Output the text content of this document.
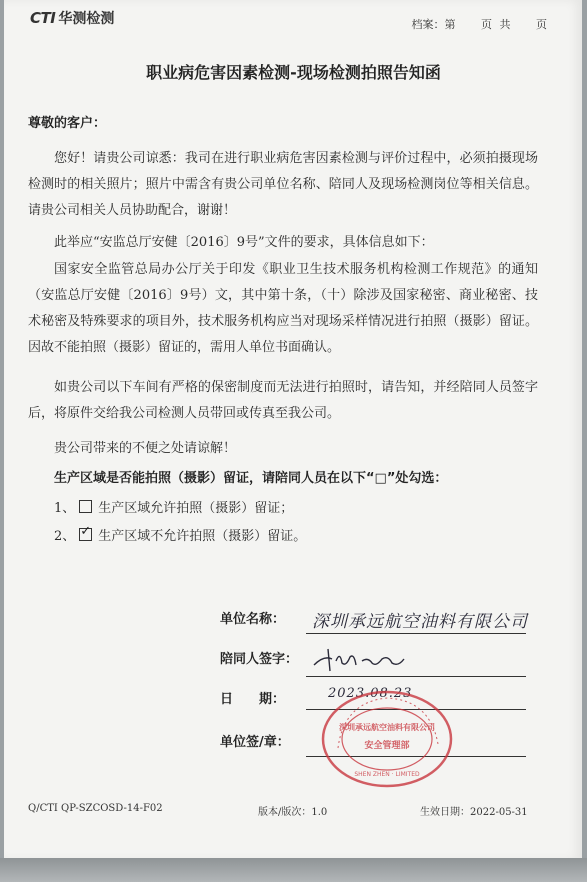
CTI 华测检测	档案：第 页 共 页
职业病危害因素检测-现场检测拍照告知函
尊敬的客户：
您好！请贵公司谅悉：我司在进行职业病危害因素检测与评价过程中，必须拍摄现场检测时的相关照片；照片中需含有贵公司单位名称、陪同人及现场检测岗位等相关信息。请贵公司相关人员协助配合，谢谢！
此举应“安监总厅安健〔2016〕9号”文件的要求，具体信息如下：
国家安全监管总局办公厅关于印发《职业卫生技术服务机构检测工作规范》的通知（安监总厅安健〔2016〕9号）文，其中第十条，（十）除涉及国家秘密、商业秘密、技术秘密及特殊要求的项目外，技术服务机构应当对现场采样情况进行拍照（摄影）留证。因故不能拍照（摄影）留证的，需用人单位书面确认。
如贵公司以下车间有严格的保密制度而无法进行拍照时，请告知，并经陪同人员签字后，将原件交给我公司检测人员带回或传真至我公司。
贵公司带来的不便之处请谅解！
生产区域是否能拍照（摄影）留证，请陪同人员在以下“□”处勾选：
1、 生产区域允许拍照（摄影）留证；
2、✓ 生产区域不允许拍照（摄影）留证。
单位名称： 深圳承远航空油料有限公司
陪同人签字：
日　　期：	2023.08.23
单位签/章：
深圳承远航空油料有限公司
安全管理部
SHEN ZHEN · LIMITED
Q/CTI QP-SZCOSD-14-F02	版本/版次：1.0	生效日期：2022-05-31
